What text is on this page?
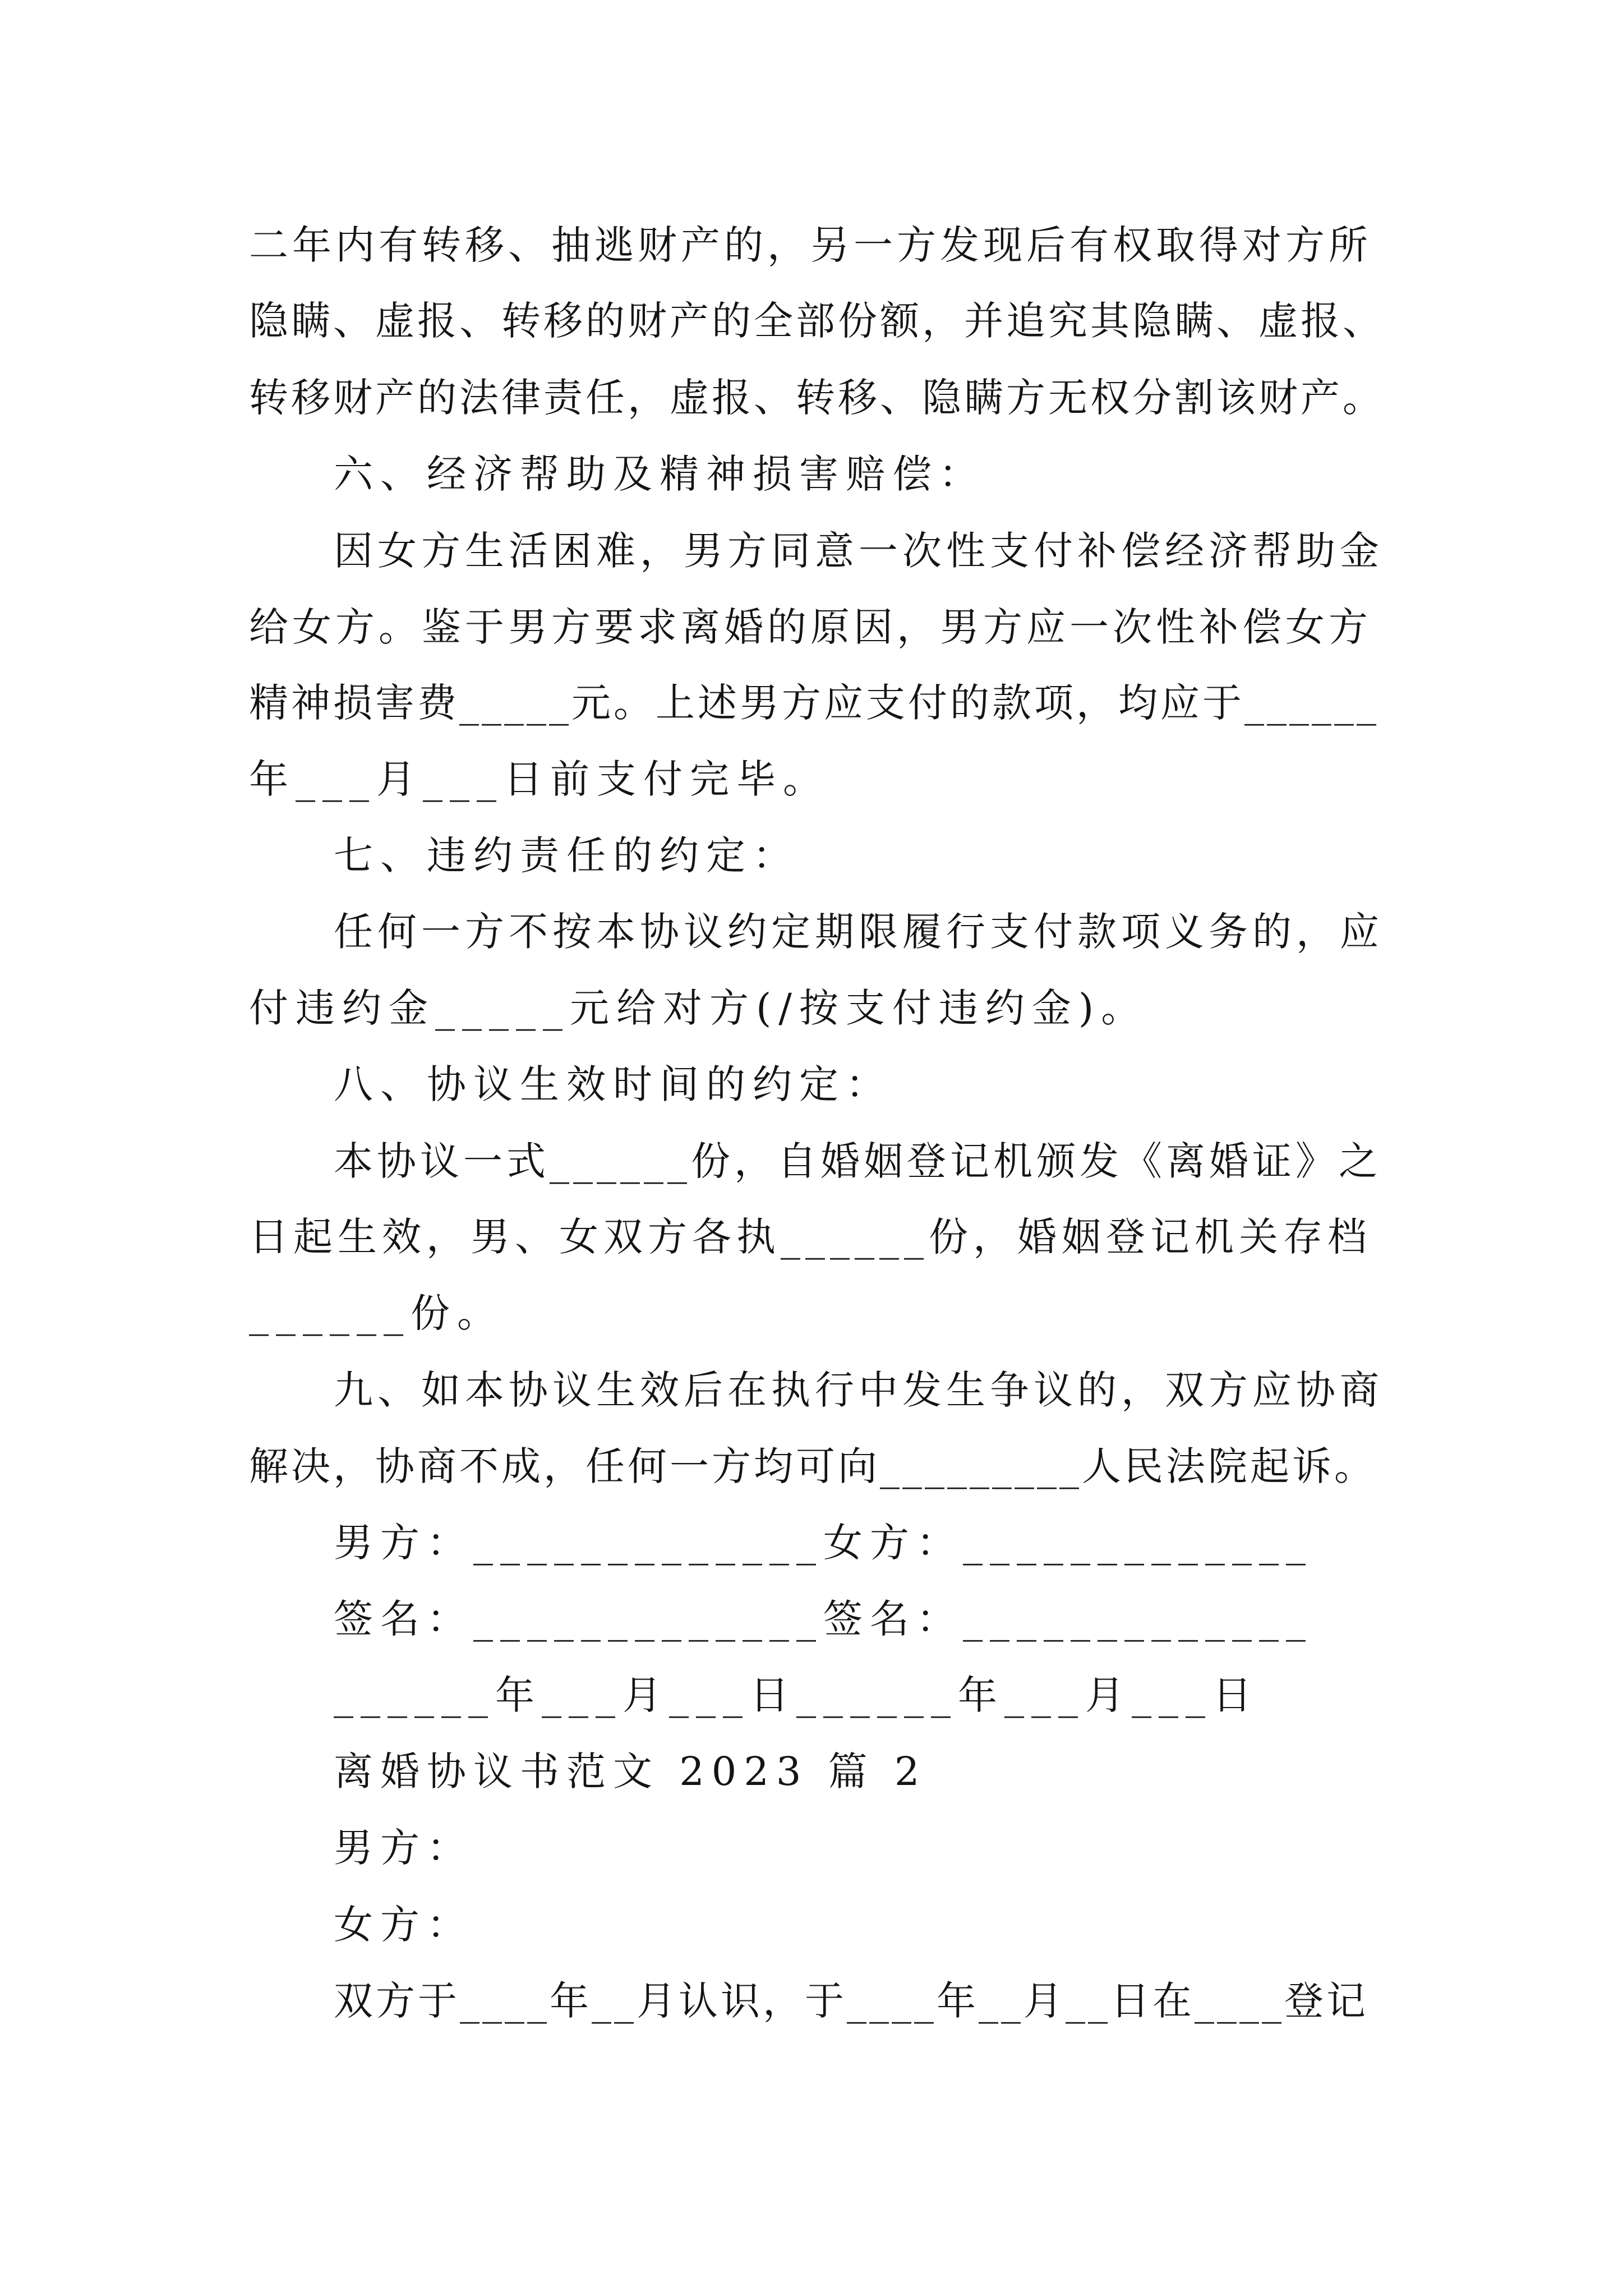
二年内有转移、抽逃财产的，另一方发现后有权取得对方所
隐瞒、虚报、转移的财产的全部份额，并追究其隐瞒、虚报、
转移财产的法律责任，虚报、转移、隐瞒方无权分割该财产。
六、经济帮助及精神损害赔偿：
因女方生活困难，男方同意一次性支付补偿经济帮助金
给女方。鉴于男方要求离婚的原因，男方应一次性补偿女方
精神损害费_____元。上述男方应支付的款项，均应于______
年___月___日前支付完毕。
七、违约责任的约定：
任何一方不按本协议约定期限履行支付款项义务的，应
付违约金_____元给对方(/按支付违约金)。
八、协议生效时间的约定：
本协议一式______份，自婚姻登记机颁发《离婚证》之
日起生效，男、女双方各执______份，婚姻登记机关存档
______份。
九、如本协议生效后在执行中发生争议的，双方应协商
解决，协商不成，任何一方均可向_________人民法院起诉。
男方：_____________女方：_____________
签名：_____________签名：_____________
______年___月___日______年___月___日
离婚协议书范文 2023 篇 2
男方：
女方：
双方于____年__月认识，于____年__月__日在____登记
